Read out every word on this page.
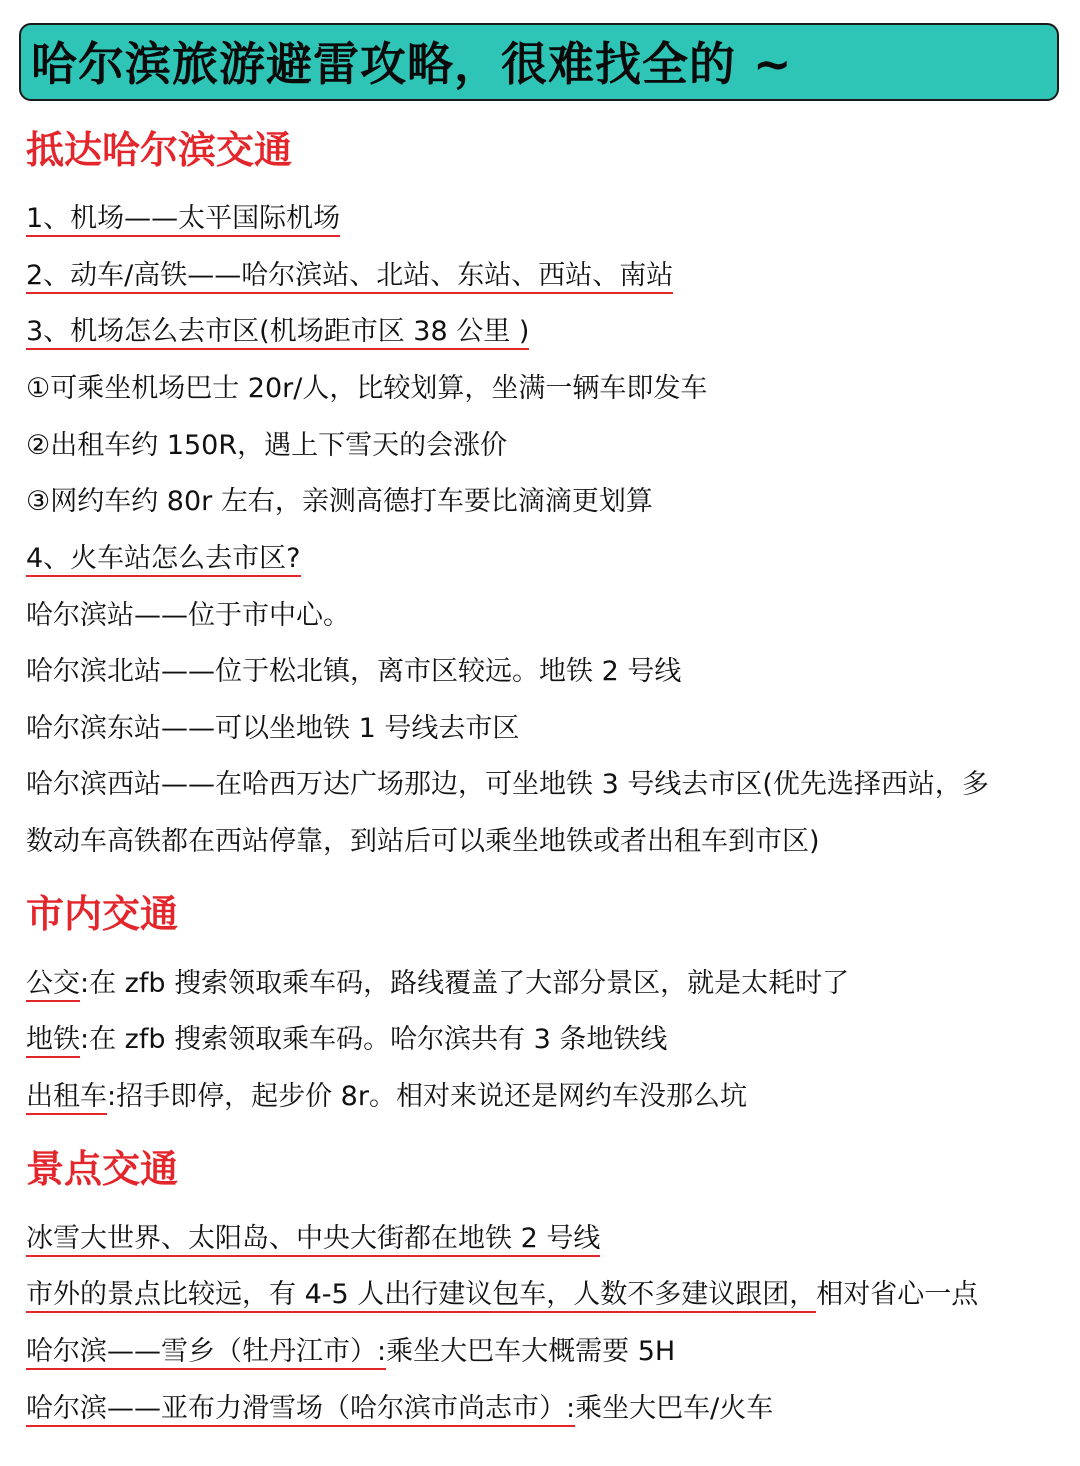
哈尔滨旅游避雷攻略，很难找全的 ~
抵达哈尔滨交通
1、机场——太平国际机场
2、动车/高铁——哈尔滨站、北站、东站、西站、南站
3、机场怎么去市区(机场距市区 38 公里 )
①可乘坐机场巴士 20r/人，比较划算，坐满一辆车即发车
②出租车约 150R，遇上下雪天的会涨价
③网约车约 80r 左右，亲测高德打车要比滴滴更划算
4、火车站怎么去市区?
哈尔滨站——位于市中心。
哈尔滨北站——位于松北镇，离市区较远。地铁 2 号线
哈尔滨东站——可以坐地铁 1 号线去市区
哈尔滨西站——在哈西万达广场那边，可坐地铁 3 号线去市区(优先选择西站，多
数动车高铁都在西站停靠，到站后可以乘坐地铁或者出租车到市区)
市内交通
公交:在 zfb 搜索领取乘车码，路线覆盖了大部分景区，就是太耗时了
地铁:在 zfb 搜索领取乘车码。哈尔滨共有 3 条地铁线
出租车:招手即停，起步价 8r。相对来说还是网约车没那么坑
景点交通
冰雪大世界、太阳岛、中央大街都在地铁 2 号线
市外的景点比较远，有 4-5 人出行建议包车，人数不多建议跟团，相对省心一点
哈尔滨——雪乡（牡丹江市）:乘坐大巴车大概需要 5H
哈尔滨——亚布力滑雪场（哈尔滨市尚志市）:乘坐大巴车/火车
